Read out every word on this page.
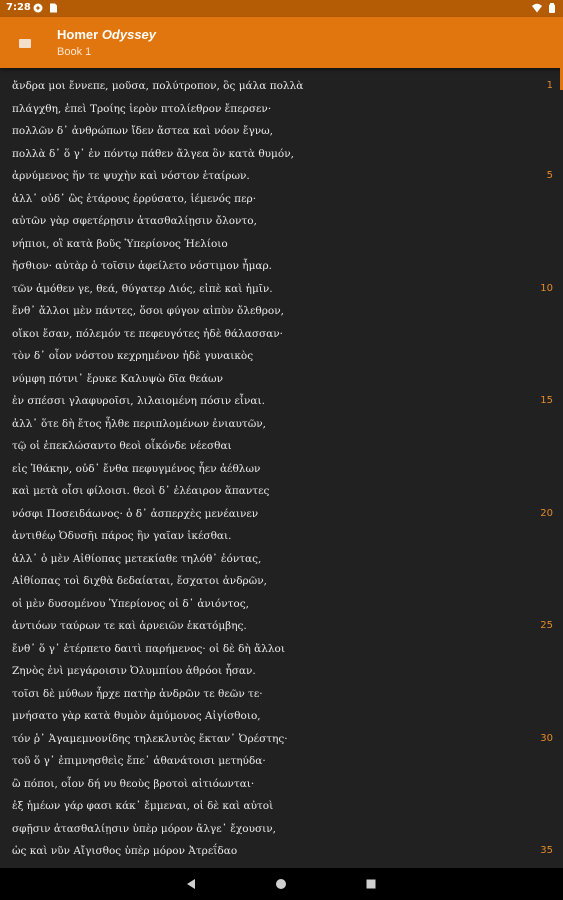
7:28
Homer Odyssey
Book 1
ἄνδρα μοι ἔννεπε, μοῦσα, πολύτροπον, ὃς μάλα πολλὰ	1
πλάγχθη, ἐπεὶ Τροίης ἱερὸν πτολίεθρον ἔπερσεν·
πολλῶν δ᾽ ἀνθρώπων ἴδεν ἄστεα καὶ νόον ἔγνω,
πολλὰ δ᾽ ὅ γ᾽ ἐν πόντῳ πάθεν ἄλγεα ὃν κατὰ θυμόν,
ἀρνύμενος ἥν τε ψυχὴν καὶ νόστον ἑταίρων.	5
ἀλλ᾽ οὐδ᾽ ὣς ἑτάρους ἐρρύσατο, ἱέμενός περ·
αὐτῶν γὰρ σφετέρῃσιν ἀτασθαλίῃσιν ὄλοντο,
νήπιοι, οἳ κατὰ βοῦς Ὑπερίονος Ἠελίοιο
ἤσθιον· αὐτὰρ ὁ τοῖσιν ἀφείλετο νόστιμον ἦμαρ.
τῶν ἁμόθεν γε, θεά, θύγατερ Διός, εἰπὲ καὶ ἡμῖν.	10
ἔνθ᾽ ἄλλοι μὲν πάντες, ὅσοι φύγον αἰπὺν ὄλεθρον,
οἴκοι ἔσαν, πόλεμόν τε πεφευγότες ἠδὲ θάλασσαν·
τὸν δ᾽ οἶον νόστου κεχρημένον ἠδὲ γυναικὸς
νύμφη πότνι᾽ ἔρυκε Καλυψὼ δῖα θεάων
ἐν σπέσσι γλαφυροῖσι, λιλαιομένη πόσιν εἶναι.	15
ἀλλ᾽ ὅτε δὴ ἔτος ἦλθε περιπλομένων ἐνιαυτῶν,
τῷ οἱ ἐπεκλώσαντο θεοὶ οἶκόνδε νέεσθαι
εἰς Ἰθάκην, οὐδ᾽ ἔνθα πεφυγμένος ἦεν ἀέθλων
καὶ μετὰ οἷσι φίλοισι. θεοὶ δ᾽ ἐλέαιρον ἅπαντες
νόσφι Ποσειδάωνος· ὁ δ᾽ ἀσπερχὲς μενέαινεν	20
ἀντιθέῳ Ὀδυσῆι πάρος ἣν γαῖαν ἱκέσθαι.
ἀλλ᾽ ὁ μὲν Αἰθίοπας μετεκίαθε τηλόθ᾽ ἐόντας,
Αἰθίοπας τοὶ διχθὰ δεδαίαται, ἔσχατοι ἀνδρῶν,
οἱ μὲν δυσομένου Ὑπερίονος οἱ δ᾽ ἀνιόντος,
ἀντιόων ταύρων τε καὶ ἀρνειῶν ἑκατόμβης.	25
ἔνθ᾽ ὅ γ᾽ ἐτέρπετο δαιτὶ παρήμενος· οἱ δὲ δὴ ἄλλοι
Ζηνὸς ἐνὶ μεγάροισιν Ὀλυμπίου ἀθρόοι ἦσαν.
τοῖσι δὲ μύθων ἦρχε πατὴρ ἀνδρῶν τε θεῶν τε·
μνήσατο γὰρ κατὰ θυμὸν ἀμύμονος Αἰγίσθοιο,
τόν ῥ᾽ Ἀγαμεμνονίδης τηλεκλυτὸς ἔκταν᾽ Ὀρέστης·	30
τοῦ ὅ γ᾽ ἐπιμνησθεὶς ἔπε᾽ ἀθανάτοισι μετηύδα·
ὢ πόποι, οἷον δή νυ θεοὺς βροτοὶ αἰτιόωνται·
ἐξ ἡμέων γάρ φασι κάκ᾽ ἔμμεναι, οἱ δὲ καὶ αὐτοὶ
σφῇσιν ἀτασθαλίῃσιν ὑπὲρ μόρον ἄλγε᾽ ἔχουσιν,
ὡς καὶ νῦν Αἴγισθος ὑπὲρ μόρον Ἀτρεΐδαο	35
